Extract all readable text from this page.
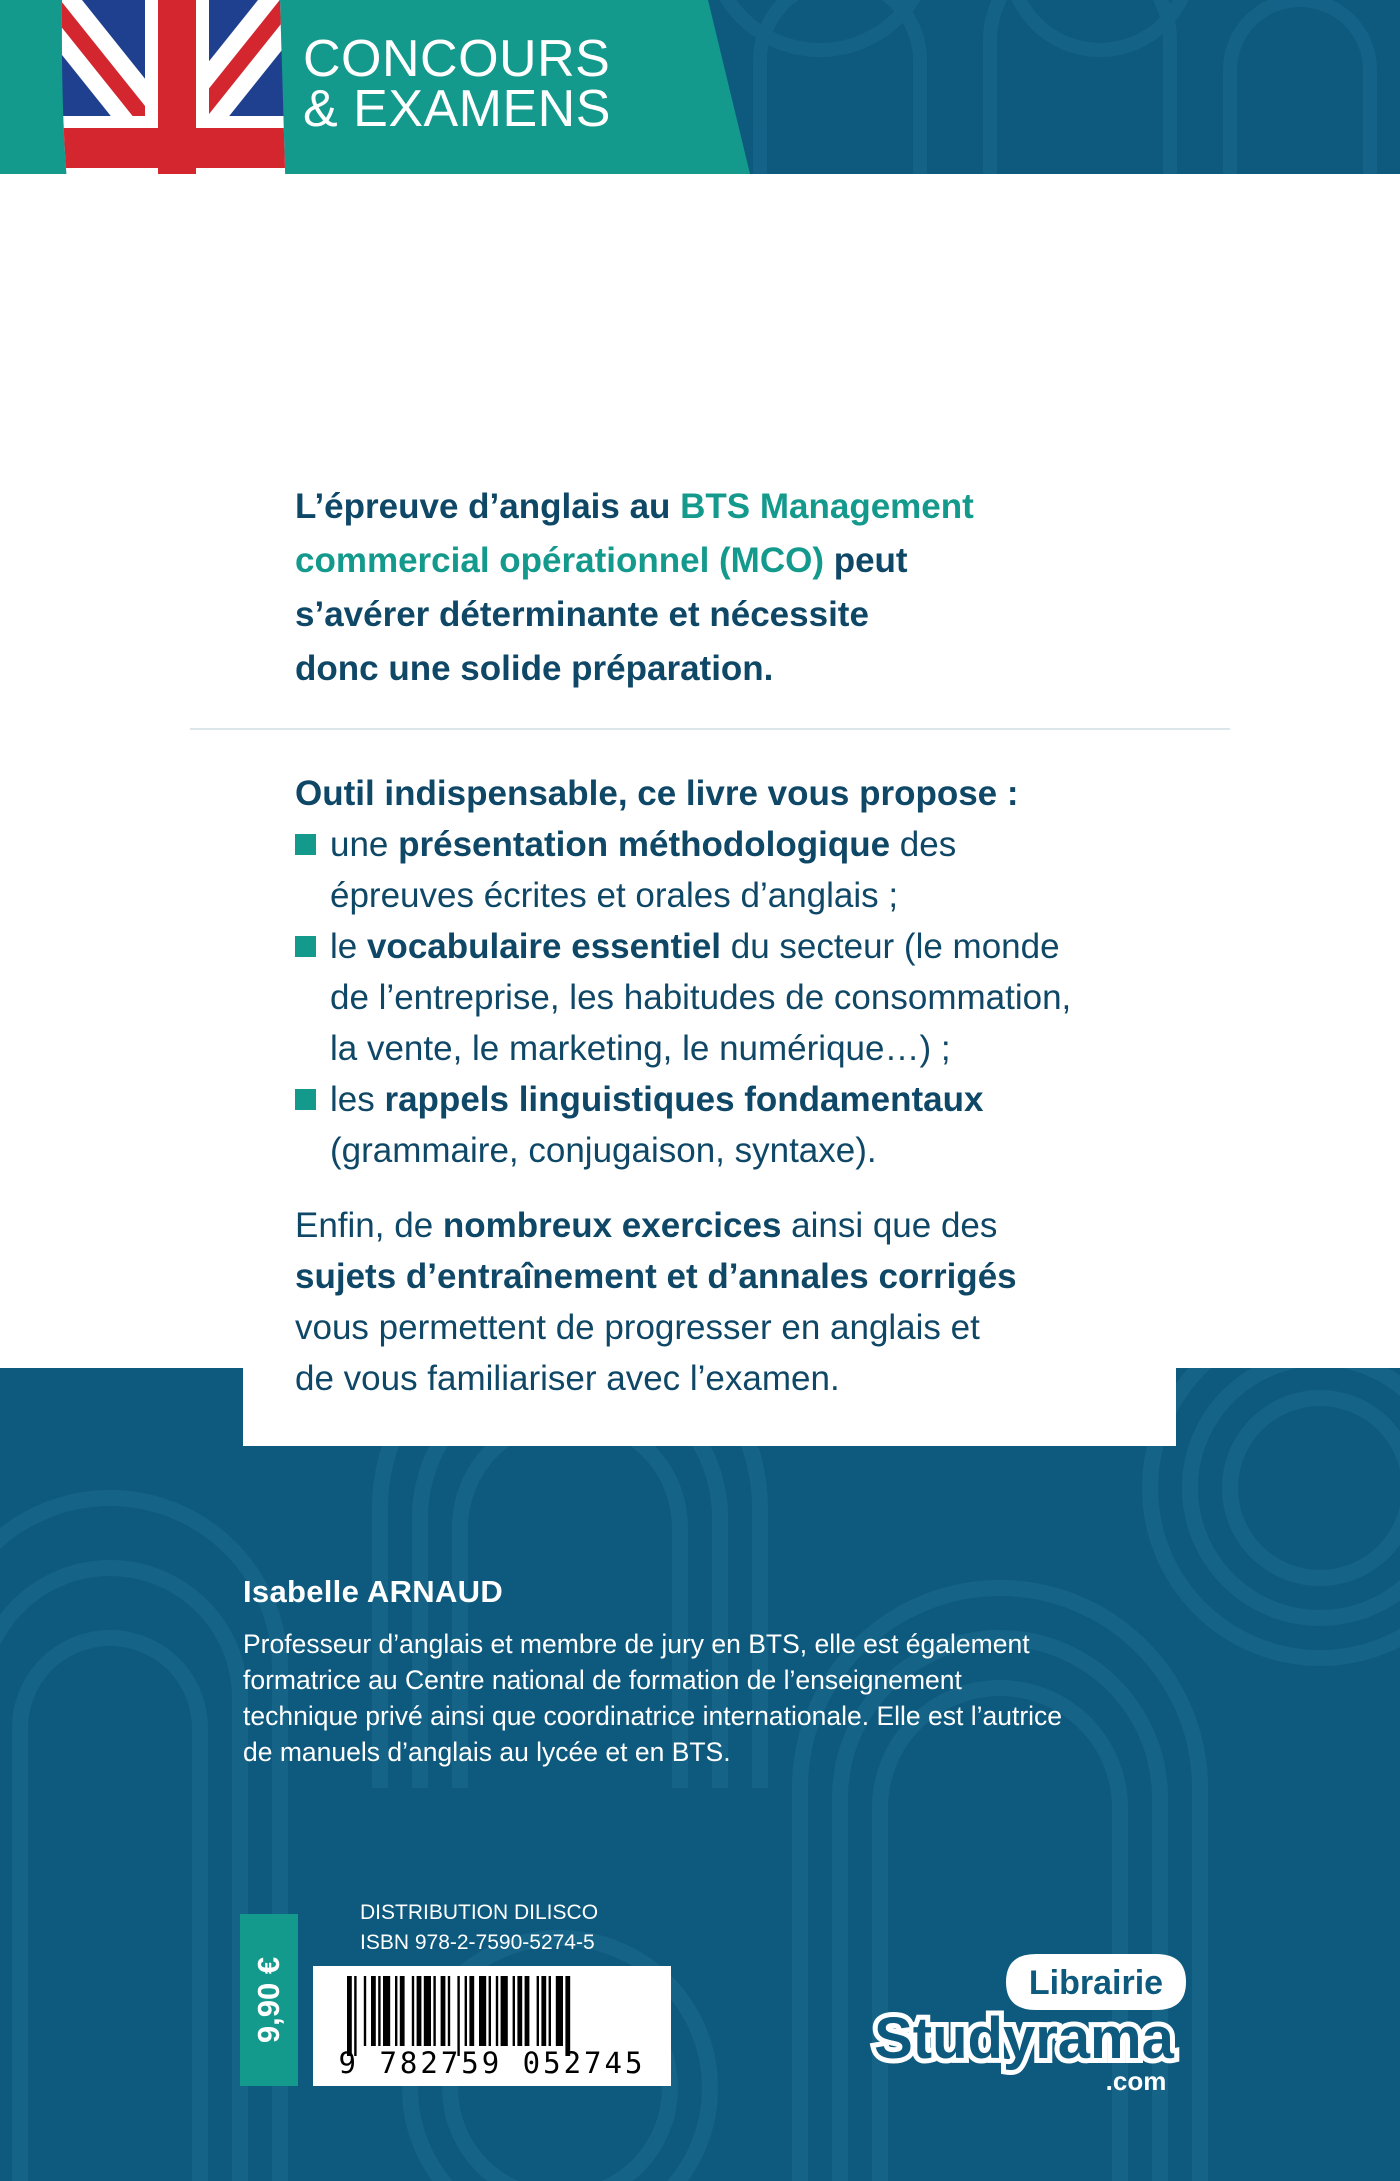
CONCOURS
& EXAMENS
L’épreuve d’anglais au BTS Management
commercial opérationnel (MCO) peut
s’avérer déterminante et nécessite
donc une solide préparation.
Outil indispensable, ce livre vous propose :
une présentation méthodologique des
épreuves écrites et orales d’anglais ;
le vocabulaire essentiel du secteur (le monde
de l’entreprise, les habitudes de consommation,
la vente, le marketing, le numérique…) ;
les rappels linguistiques fondamentaux
(grammaire, conjugaison, syntaxe).
Enfin, de nombreux exercices ainsi que des
sujets d’entraînement et d’annales corrigés
vous permettent de progresser en anglais et
de vous familiariser avec l’examen.
Isabelle ARNAUD
Professeur d’anglais et membre de jury en BTS, elle est également
formatrice au Centre national de formation de l’enseignement
technique privé ainsi que coordinatrice internationale. Elle est l’autrice
de manuels d’anglais au lycée et en BTS.
9,90 €
DISTRIBUTION DILISCO
ISBN 978-2-7590-5274-5
9 782759 052745
Librairie
Studyrama
.com
